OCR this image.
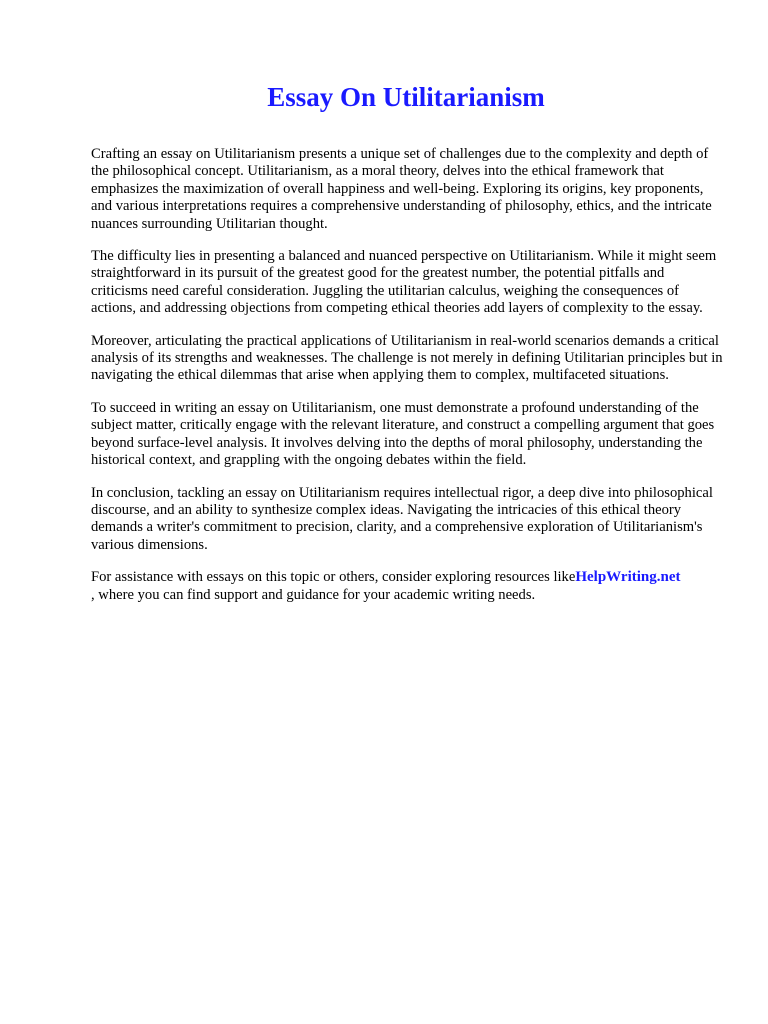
Essay On Utilitarianism

Crafting an essay on Utilitarianism presents a unique set of challenges due to the complexity and depth of the philosophical concept. Utilitarianism, as a moral theory, delves into the ethical framework that emphasizes the maximization of overall happiness and well-being. Exploring its origins, key proponents, and various interpretations requires a comprehensive understanding of philosophy, ethics, and the intricate nuances surrounding Utilitarian thought.

The difficulty lies in presenting a balanced and nuanced perspective on Utilitarianism. While it might seem straightforward in its pursuit of the greatest good for the greatest number, the potential pitfalls and criticisms need careful consideration. Juggling the utilitarian calculus, weighing the consequences of actions, and addressing objections from competing ethical theories add layers of complexity to the essay.

Moreover, articulating the practical applications of Utilitarianism in real-world scenarios demands a critical analysis of its strengths and weaknesses. The challenge is not merely in defining Utilitarian principles but in navigating the ethical dilemmas that arise when applying them to complex, multifaceted situations.

To succeed in writing an essay on Utilitarianism, one must demonstrate a profound understanding of the subject matter, critically engage with the relevant literature, and construct a compelling argument that goes beyond surface-level analysis. It involves delving into the depths of moral philosophy, understanding the historical context, and grappling with the ongoing debates within the field.

In conclusion, tackling an essay on Utilitarianism requires intellectual rigor, a deep dive into philosophical discourse, and an ability to synthesize complex ideas. Navigating the intricacies of this ethical theory demands a writer's commitment to precision, clarity, and a comprehensive exploration of Utilitarianism's various dimensions.

For assistance with essays on this topic or others, consider exploring resources likeHelpWriting.net
, where you can find support and guidance for your academic writing needs.
